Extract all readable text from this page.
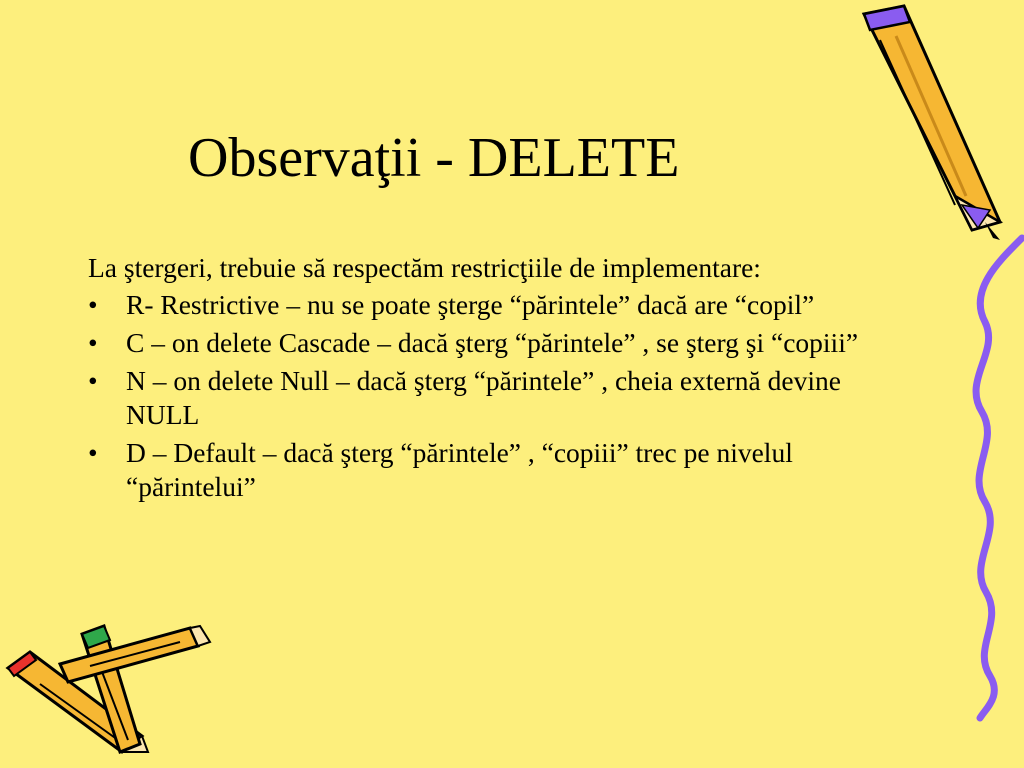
Observaţii - DELETE

La ştergeri, trebuie să respectăm restricţiile de implementare:

• R- Restrictive – nu se poate şterge “părintele” dacă are “copil”
• C – on delete Cascade – dacă şterg “părintele” , se şterg şi “copiii”
• N – on delete Null – dacă şterg “părintele” , cheia externă devine NULL
• D – Default – dacă şterg “părintele” , “copiii” trec pe nivelul “părintelui”
